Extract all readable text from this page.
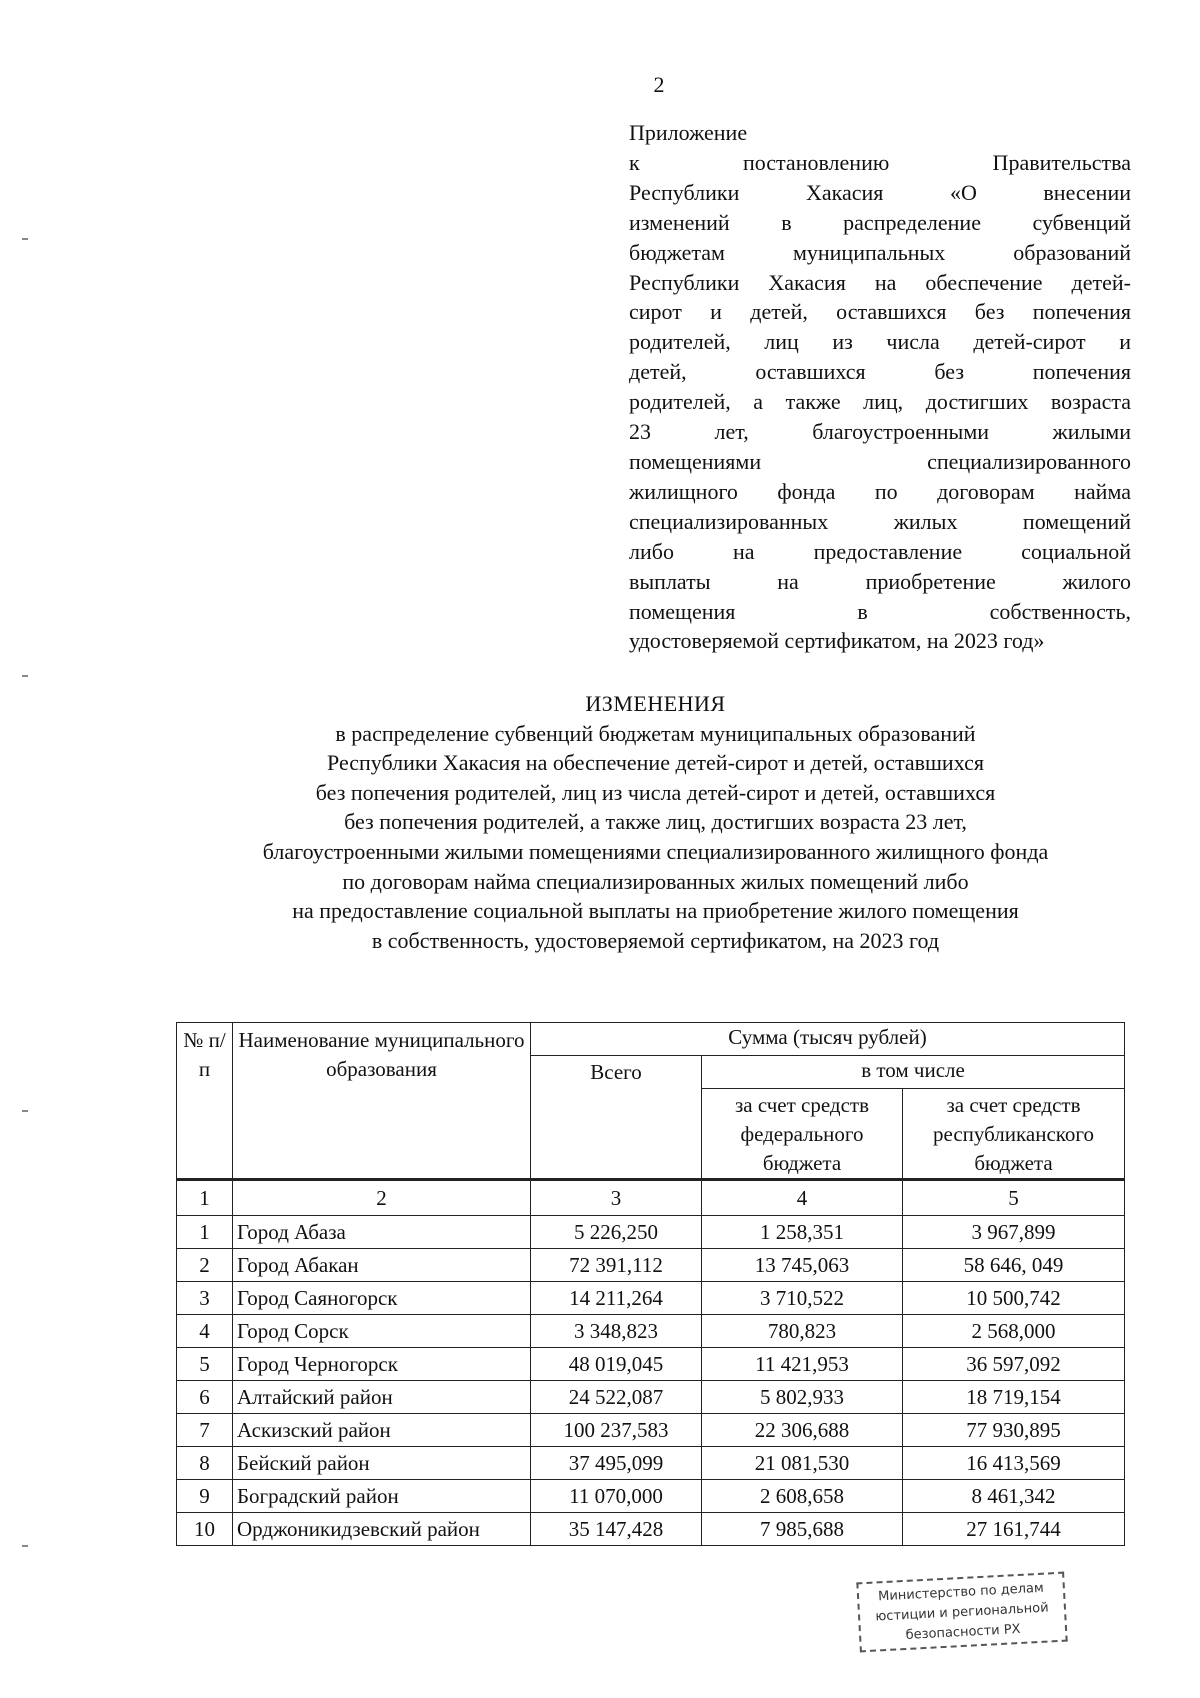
2
Приложение
к постановлению Правительства
Республики Хакасия «О внесении
изменений в распределение субвенций
бюджетам муниципальных образований
Республики Хакасия на обеспечение детей-
сирот и детей, оставшихся без попечения
родителей, лиц из числа детей-сирот и
детей, оставшихся без попечения
родителей, а также лиц, достигших возраста
23 лет, благоустроенными жилыми
помещениями специализированного
жилищного фонда по договорам найма
специализированных жилых помещений
либо на предоставление социальной
выплаты на приобретение жилого
помещения в собственность,
удостоверяемой сертификатом, на 2023 год»
ИЗМЕНЕНИЯ
в распределение субвенций бюджетам муниципальных образований
Республики Хакасия на обеспечение детей-сирот и детей, оставшихся
без попечения родителей, лиц из числа детей-сирот и детей, оставшихся
без попечения родителей, а также лиц, достигших возраста 23 лет,
благоустроенными жилыми помещениями специализированного жилищного фонда
по договорам найма специализированных жилых помещений либо
на предоставление социальной выплаты на приобретение жилого помещения
в собственность, удостоверяемой сертификатом, на 2023 год
№ п/п	Наименование муниципального образования	Сумма (тысяч рублей)		
		Всего	в том числе	
			за счет средств федерального бюджета	за счет средств республиканского бюджета
1	2	3	4	5
1	Город Абаза	5 226,250	1 258,351	3 967,899
2	Город Абакан	72 391,112	13 745,063	58 646, 049
3	Город Саяногорск	14 211,264	3 710,522	10 500,742
4	Город Сорск	3 348,823	780,823	2 568,000
5	Город Черногорск	48 019,045	11 421,953	36 597,092
6	Алтайский район	24 522,087	5 802,933	18 719,154
7	Аскизский район	100 237,583	22 306,688	77 930,895
8	Бейский район	37 495,099	21 081,530	16 413,569
9	Боградский район	11 070,000	2 608,658	8 461,342
10	Орджоникидзевский район	35 147,428	7 985,688	27 161,744
Министерство по делам
юстиции и региональной
безопасности РХ
